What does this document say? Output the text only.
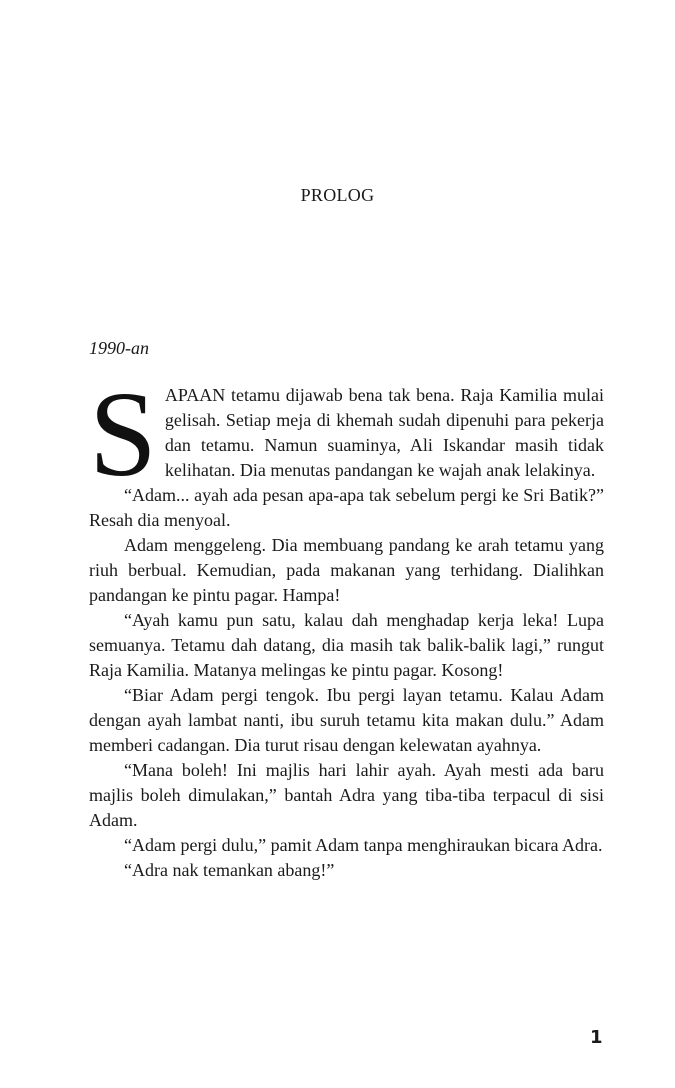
PROLOG
1990-an

SAPAAN tetamu dijawab bena tak bena. Raja Kamilia mulai gelisah. Setiap meja di khemah sudah dipenuhi para pekerja dan tetamu. Namun suaminya, Ali Iskandar masih tidak kelihatan. Dia menutas pandangan ke wajah anak lelakinya.

“Adam... ayah ada pesan apa-apa tak sebelum pergi ke Sri Batik?” Resah dia menyoal.

Adam menggeleng. Dia membuang pandang ke arah tetamu yang riuh berbual. Kemudian, pada makanan yang terhidang. Dialihkan pandangan ke pintu pagar. Hampa!

“Ayah kamu pun satu, kalau dah menghadap kerja leka! Lupa semuanya. Tetamu dah datang, dia masih tak balik-balik lagi,” rungut Raja Kamilia. Matanya melingas ke pintu pagar. Kosong!

“Biar Adam pergi tengok. Ibu pergi layan tetamu. Kalau Adam dengan ayah lambat nanti, ibu suruh tetamu kita makan dulu.” Adam memberi cadangan. Dia turut risau dengan kelewatan ayahnya.

“Mana boleh! Ini majlis hari lahir ayah. Ayah mesti ada baru majlis boleh dimulakan,” bantah Adra yang tiba-tiba terpacul di sisi Adam.

“Adam pergi dulu,” pamit Adam tanpa menghiraukan bicara Adra.

“Adra nak temankan abang!”

1
